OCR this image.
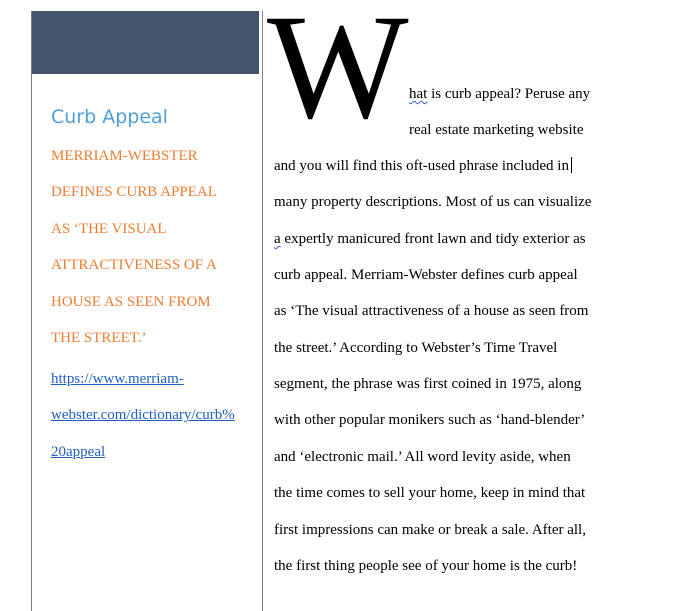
Curb Appeal

MERRIAM-WEBSTER
DEFINES CURB APPEAL
AS ‘THE VISUAL
ATTRACTIVENESS OF A
HOUSE AS SEEN FROM
THE STREET.’

https://www.merriam-
webster.com/dictionary/curb%
20appeal

W hat is curb appeal? Peruse any
real estate marketing website
and you will find this oft-used phrase included in
many property descriptions. Most of us can visualize
a expertly manicured front lawn and tidy exterior as
curb appeal. Merriam-Webster defines curb appeal
as ‘The visual attractiveness of a house as seen from
the street.’ According to Webster’s Time Travel
segment, the phrase was first coined in 1975, along
with other popular monikers such as ‘hand-blender’
and ‘electronic mail.’ All word levity aside, when
the time comes to sell your home, keep in mind that
first impressions can make or break a sale. After all,
the first thing people see of your home is the curb!
